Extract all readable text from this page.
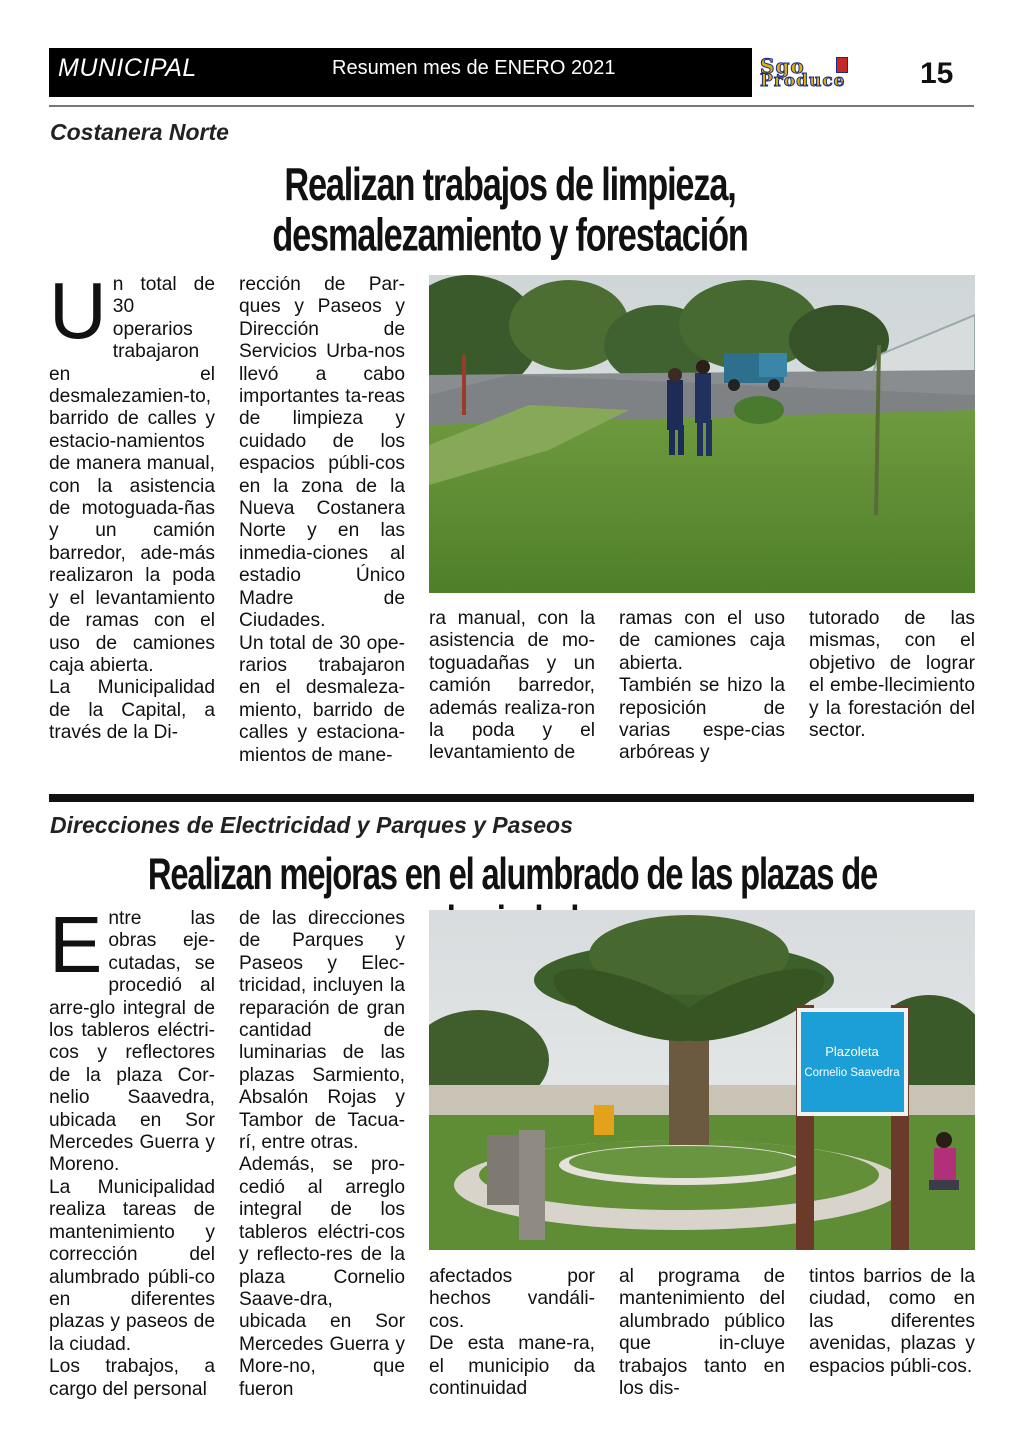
MUNICIPAL	Resumen mes de ENERO 2021	Sgo
Produce 15
Costanera Norte
Realizan trabajos de limpieza,
desmalezamiento y forestación
U n total de 30 operarios trabajaron en el desmalezamien-to, barrido de calles y estacio-namientos de manera manual, con la asistencia de motoguada-ñas y un camión barredor, ade-más realizaron la poda y el levantamiento de ramas con el uso de camiones caja abierta.

La Municipalidad de la Capital, a través de la Di-

rección de Par-ques y Paseos y Dirección de Servicios Urba-nos llevó a cabo importantes ta-reas de limpieza y cuidado de los espacios públi-cos en la zona de la Nueva Costanera Norte y en las inmedia-ciones al estadio Único Madre de Ciudades.

Un total de 30 ope-rarios trabajaron en el desmaleza-miento, barrido de calles y estaciona-mientos de mane-

ra manual, con la asistencia de mo-toguadañas y un camión barredor, además realiza-ron la poda y el levantamiento de

ramas con el uso de camiones caja abierta.

También se hizo la reposición de varias espe-cias arbóreas y

tutorado de las mismas, con el objetivo de lograr el embe-llecimiento y la forestación del sector.

Direcciones de Electricidad y Parques y Paseos
Realizan mejoras en el alumbrado de las plazas de
E ntre las obras eje-cutadas, se procedió al arre-glo integral de los tableros eléctri-cos y reflectores de la plaza Cor-nelio Saavedra, ubicada en Sor Mercedes Guerra y Moreno.

La Municipalidad realiza tareas de mantenimiento y corrección del alumbrado públi-co en diferentes plazas y paseos de la ciudad.

Los trabajos, a cargo del personal

de las direcciones de Parques y Paseos y Elec-tricidad, incluyen la reparación de gran cantidad de luminarias de las plazas Sarmiento, Absalón Rojas y Tambor de Tacua-rí, entre otras.

Además, se pro-cedió al arreglo integral de los tableros eléctri-cos y reflecto-res de la plaza Cornelio Saave-dra, ubicada en Sor Mercedes Guerra y More-no, que fueron

Plazoleta
Cornelio Saavedra

afectados por hechos vandáli-cos.

De esta mane-ra, el municipio da continuidad

al programa de mantenimiento del alumbrado público que in-cluye trabajos tanto en los dis-

tintos barrios de la ciudad, como en las diferentes avenidas, plazas y espacios públi-cos.
